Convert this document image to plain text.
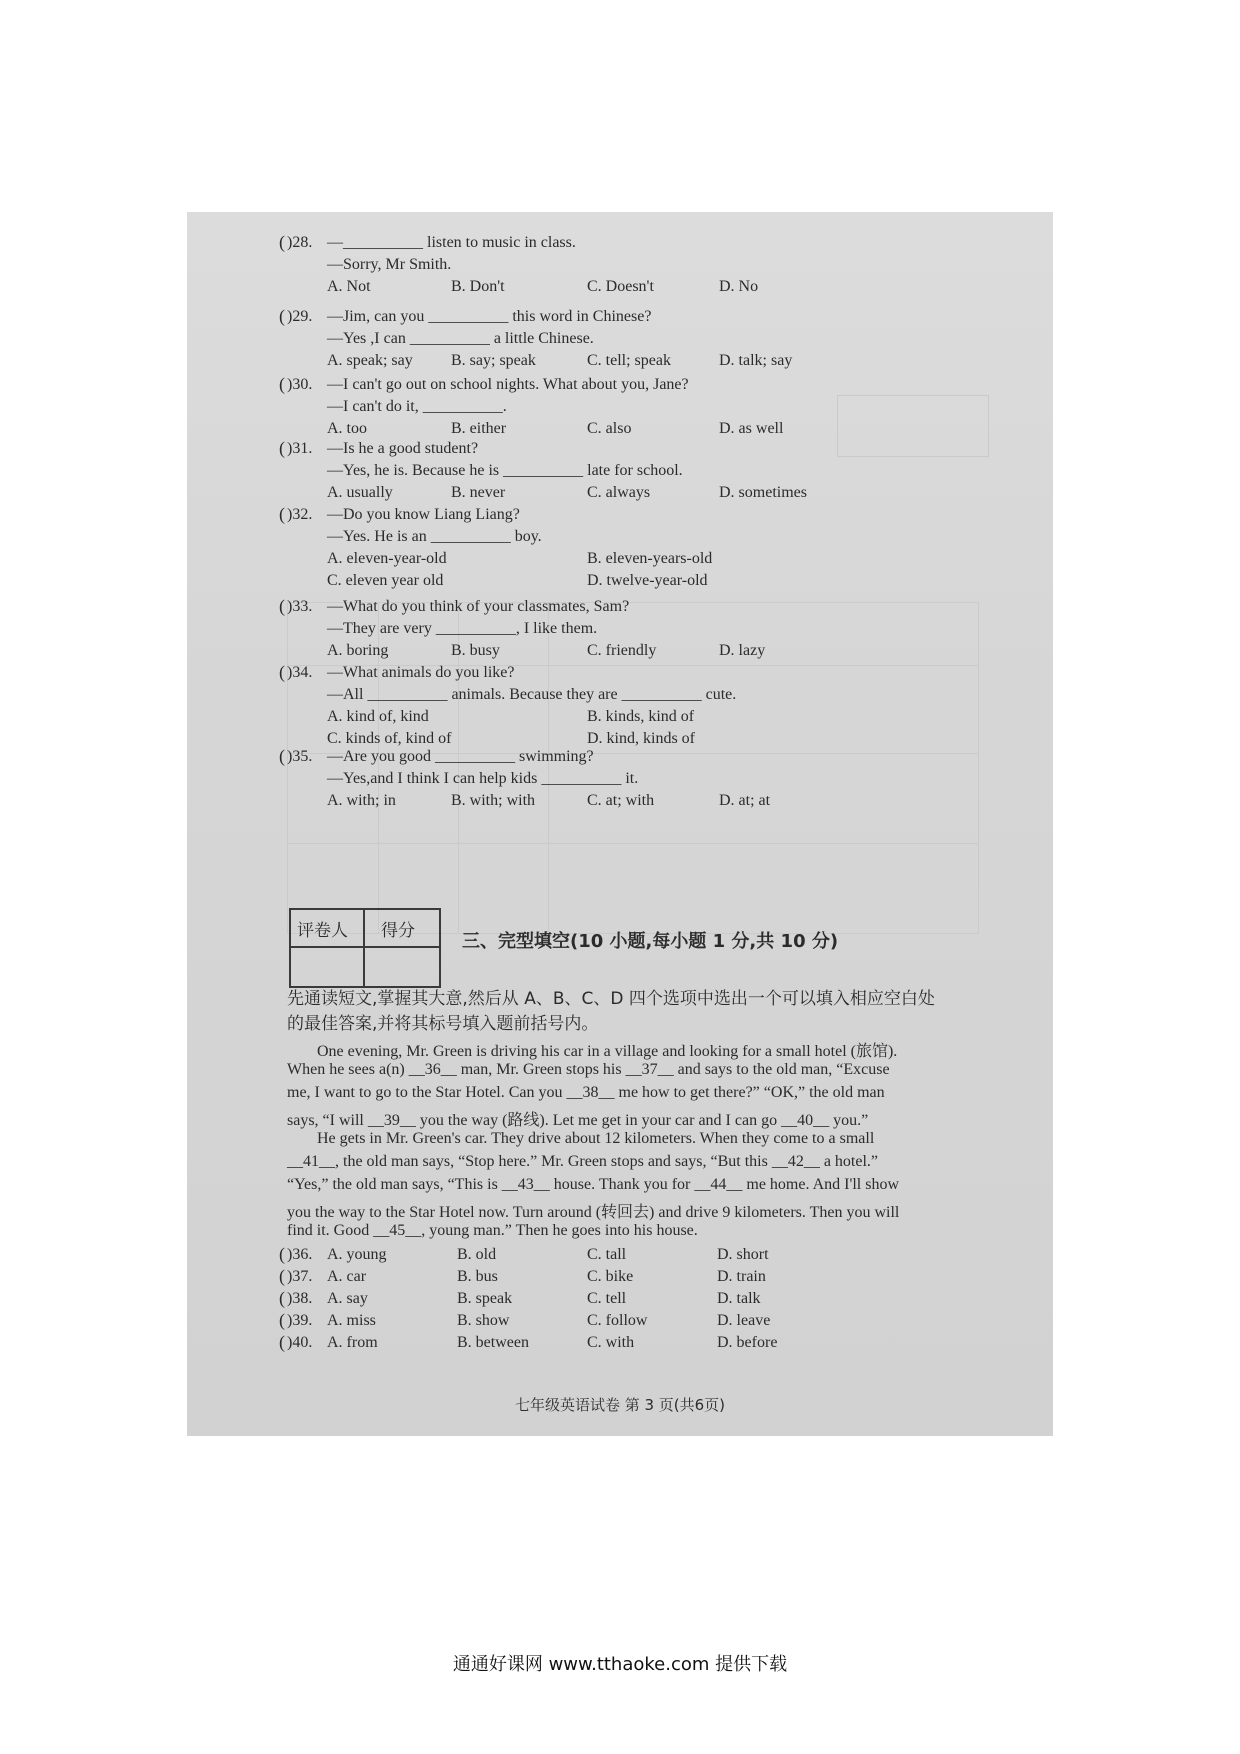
( )28. —__________ listen to music in class.
—Sorry, Mr Smith.
A. Not	B. Don't	C. Doesn't	D. No
( )29. —Jim, can you __________ this word in Chinese?
—Yes ,I can __________ a little Chinese.
A. speak; say B. say; speak	C. tell; speak	D. talk; say
( )30. —I can't go out on school nights. What about you, Jane?
—I can't do it, __________.
A. too	B. either	C. also	D. as well
( )31. —Is he a good student?
—Yes, he is. Because he is __________ late for school.
A. usually	B. never	C. always	D. sometimes
( )32. —Do you know Liang Liang?
—Yes. He is an __________ boy.
A. eleven-year-old	B. eleven-years-old
C. eleven year old	D. twelve-year-old
( )33. —What do you think of your classmates, Sam?
—They are very __________, I like them.
A. boring	B. busy	C. friendly	D. lazy
( )34. —What animals do you like?
—All __________ animals. Because they are __________ cute.
A. kind of, kind	B. kinds, kind of
C. kinds of, kind of	D. kind, kinds of
( )35. —Are you good __________ swimming?
—Yes,and I think I can help kids __________ it.
A. with; in	B. with; with	C. at; with	D. at; at
评卷人 得分	三、完型填空(10 小题,每小题 1 分,共 10 分)
先通读短文,掌握其大意,然后从 A、B、C、D 四个选项中选出一个可以填入相应空白处
的最佳答案,并将其标号填入题前括号内。
One evening, Mr. Green is driving his car in a village and looking for a small hotel (旅馆).
When he sees a(n) __36__ man, Mr. Green stops his __37__ and says to the old man, “Excuse
me, I want to go to the Star Hotel. Can you __38__ me how to get there?” “OK,” the old man
says, “I will __39__ you the way (路线). Let me get in your car and I can go __40__ you.”
He gets in Mr. Green's car. They drive about 12 kilometers. When they come to a small
__41__, the old man says, “Stop here.” Mr. Green stops and says, “But this __42__ a hotel.”
“Yes,” the old man says, “This is __43__ house. Thank you for __44__ me home. And I'll show
you the way to the Star Hotel now. Turn around (转回去) and drive 9 kilometers. Then you will
find it. Good __45__, young man.” Then he goes into his house.
( )36. A. young	B. old	C. tall	D. short
( )37. A. car	B. bus	C. bike	D. train
( )38. A. say	B. speak	C. tell	D. talk
( )39. A. miss	B. show	C. follow	D. leave
( )40. A. from	B. between	C. with	D. before
七年级英语试卷 第 3 页(共6页)
通通好课网 www.tthaoke.com 提供下载
